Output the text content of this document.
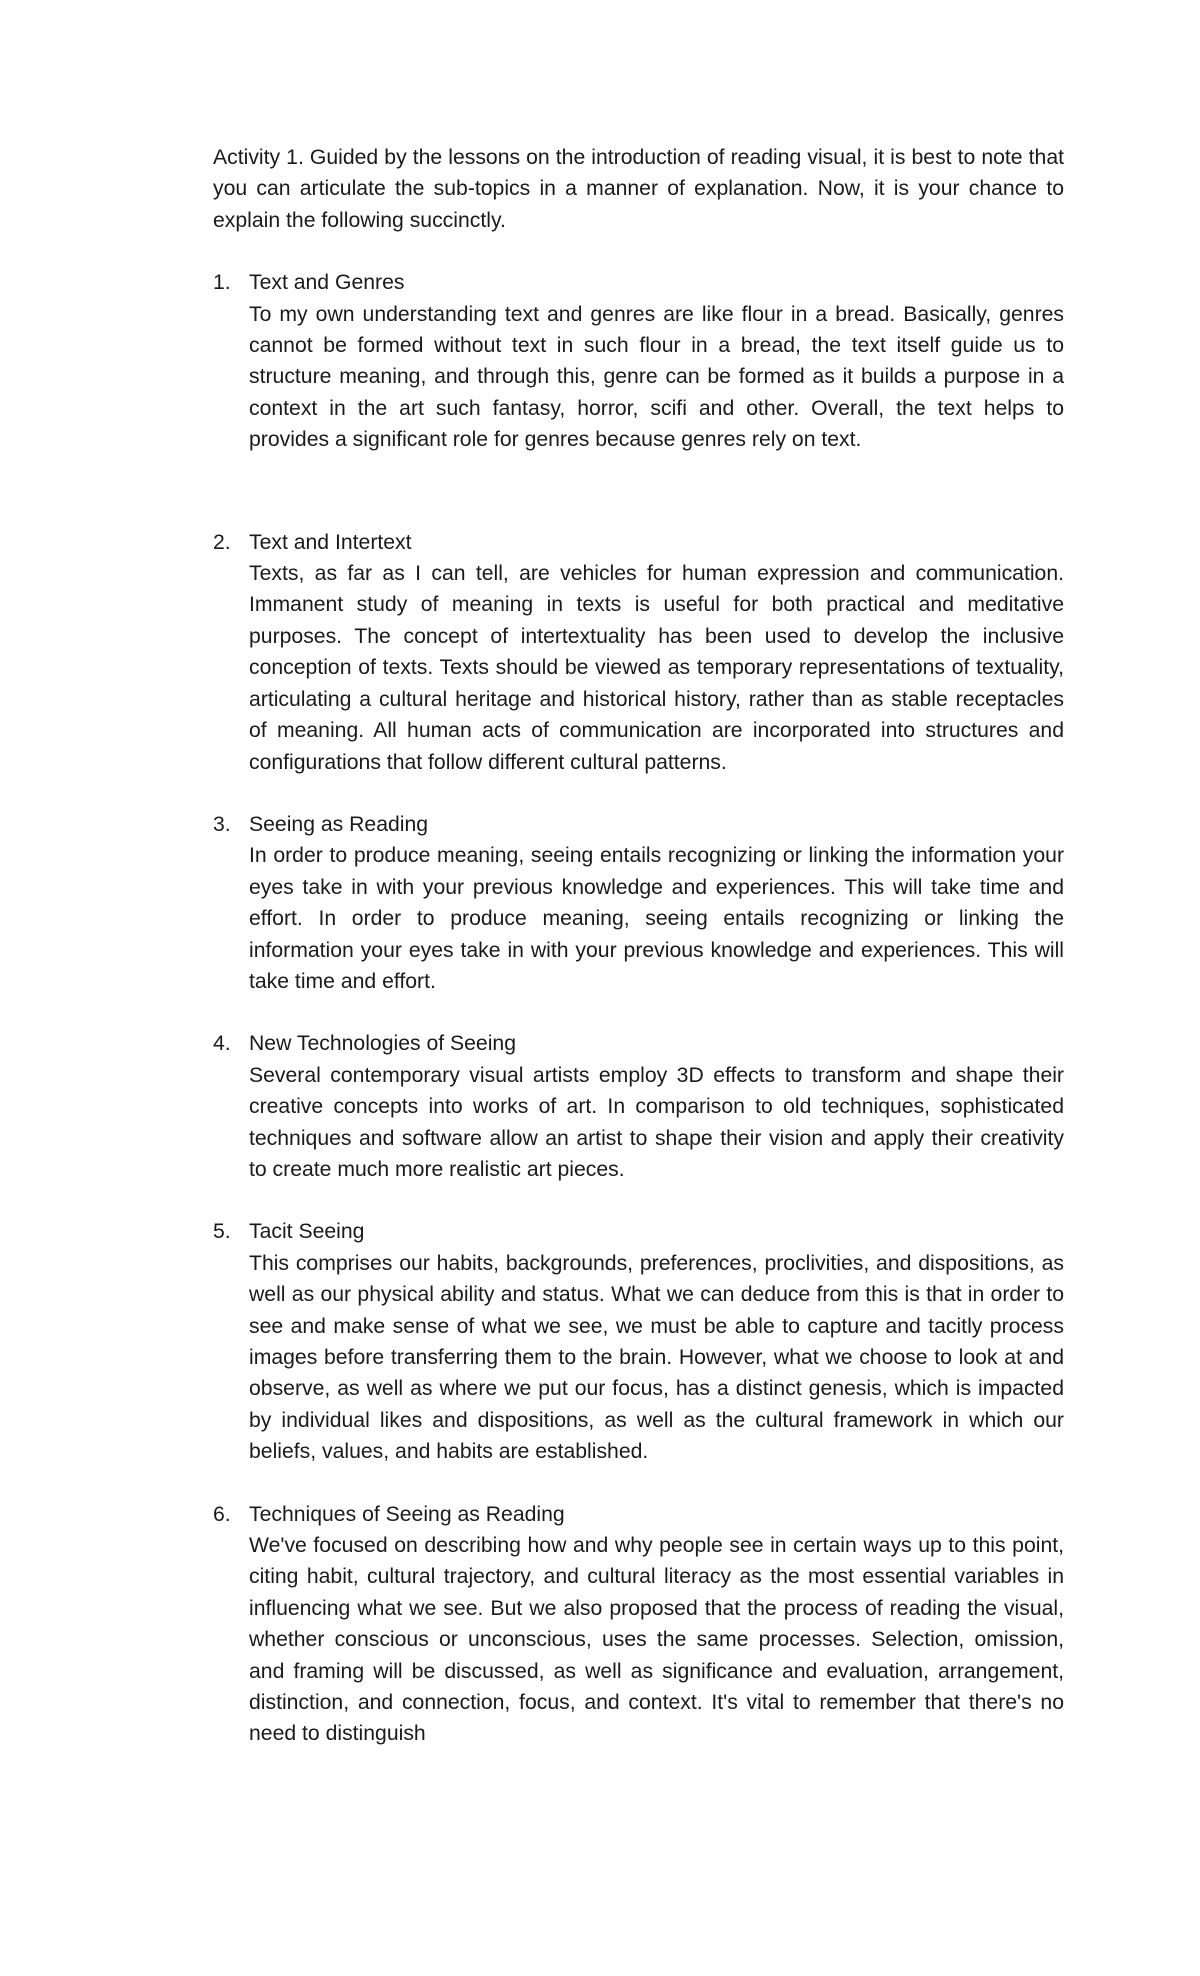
Activity 1. Guided by the lessons on the introduction of reading visual, it is best to note that you can articulate the sub-topics in a manner of explanation. Now, it is your chance to explain the following succinctly.

1. Text and Genres
To my own understanding text and genres are like flour in a bread. Basically, genres cannot be formed without text in such flour in a bread, the text itself guide us to structure meaning, and through this, genre can be formed as it builds a purpose in a context in the art such fantasy, horror, scifi and other. Overall, the text helps to provides a significant role for genres because genres rely on text.
2. Text and Intertext
Texts, as far as I can tell, are vehicles for human expression and communication. Immanent study of meaning in texts is useful for both practical and meditative purposes. The concept of intertextuality has been used to develop the inclusive conception of texts. Texts should be viewed as temporary representations of textuality, articulating a cultural heritage and historical history, rather than as stable receptacles of meaning. All human acts of communication are incorporated into structures and configurations that follow different cultural patterns.
3. Seeing as Reading
In order to produce meaning, seeing entails recognizing or linking the information your eyes take in with your previous knowledge and experiences. This will take time and effort. In order to produce meaning, seeing entails recognizing or linking the information your eyes take in with your previous knowledge and experiences. This will take time and effort.
4. New Technologies of Seeing
Several contemporary visual artists employ 3D effects to transform and shape their creative concepts into works of art. In comparison to old techniques, sophisticated techniques and software allow an artist to shape their vision and apply their creativity to create much more realistic art pieces.
5. Tacit Seeing
This comprises our habits, backgrounds, preferences, proclivities, and dispositions, as well as our physical ability and status. What we can deduce from this is that in order to see and make sense of what we see, we must be able to capture and tacitly process images before transferring them to the brain. However, what we choose to look at and observe, as well as where we put our focus, has a distinct genesis, which is impacted by individual likes and dispositions, as well as the cultural framework in which our beliefs, values, and habits are established.
6. Techniques of Seeing as Reading
We've focused on describing how and why people see in certain ways up to this point, citing habit, cultural trajectory, and cultural literacy as the most essential variables in influencing what we see. But we also proposed that the process of reading the visual, whether conscious or unconscious, uses the same processes. Selection, omission, and framing will be discussed, as well as significance and evaluation, arrangement, distinction, and connection, focus, and context. It's vital to remember that there's no need to distinguish
